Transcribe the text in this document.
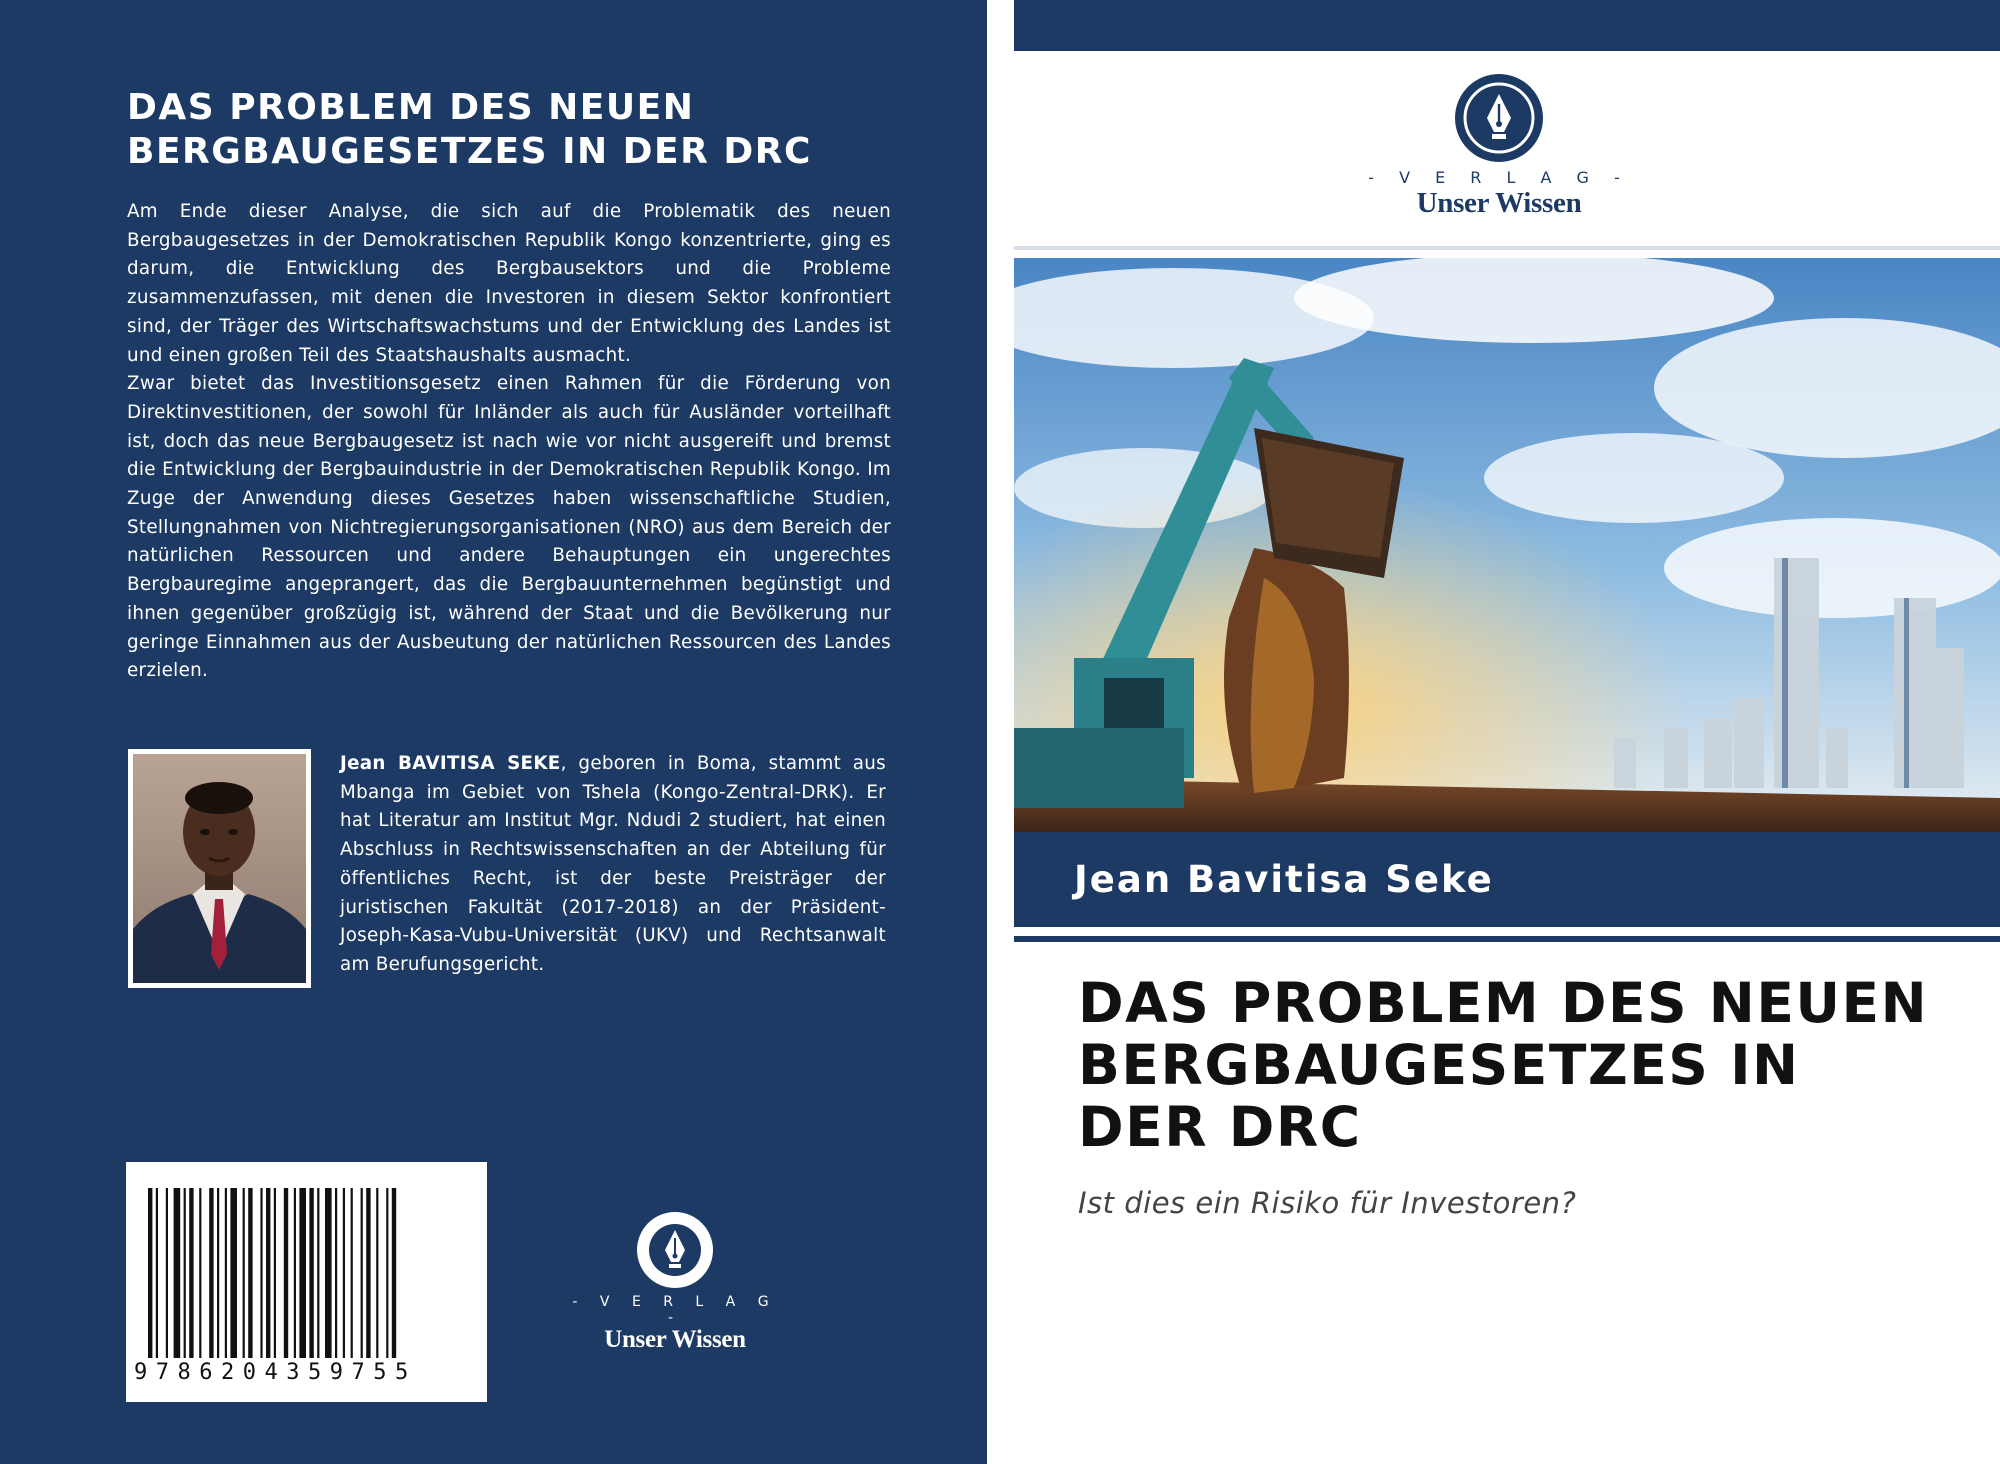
DAS PROBLEM DES NEUEN
BERGBAUGESETZES IN DER DRC

Am Ende dieser Analyse, die sich auf die Problematik des neuen Bergbaugesetzes in der Demokratischen Republik Kongo konzentrierte, ging es darum, die Entwicklung des Bergbausektors und die Probleme zusammenzufassen, mit denen die Investoren in diesem Sektor konfrontiert sind, der Träger des Wirtschaftswachstums und der Entwicklung des Landes ist und einen großen Teil des Staatshaushalts ausmacht.

Zwar bietet das Investitionsgesetz einen Rahmen für die Förderung von Direktinvestitionen, der sowohl für Inländer als auch für Ausländer vorteilhaft ist, doch das neue Bergbaugesetz ist nach wie vor nicht ausgereift und bremst die Entwicklung der Bergbauindustrie in der Demokratischen Republik Kongo. Im Zuge der Anwendung dieses Gesetzes haben wissenschaftliche Studien, Stellungnahmen von Nichtregierungsorganisationen (NRO) aus dem Bereich der natürlichen Ressourcen und andere Behauptungen ein ungerechtes Bergbauregime angeprangert, das die Bergbauunternehmen begünstigt und ihnen gegenüber großzügig ist, während der Staat und die Bevölkerung nur geringe Einnahmen aus der Ausbeutung der natürlichen Ressourcen des Landes erzielen.

Jean BAVITISA SEKE, geboren in Boma, stammt aus Mbanga im Gebiet von Tshela (Kongo-Zentral-DRK). Er hat Literatur am Institut Mgr. Ndudi 2 studiert, hat einen Abschluss in Rechtswissenschaften an der Abteilung für öffentliches Recht, ist der beste Preisträger der juristischen Fakultät (2017-2018) an der Präsident-Joseph-Kasa-Vubu-Universität (UKV) und Rechtsanwalt am Berufungsgericht.
9786204359755
- V E R L A G -
Unser Wissen
- V E R L A G -
Unser Wissen
Jean Bavitisa Seke
DAS PROBLEM DES NEUEN
BERGBAUGESETZES IN
DER DRC
Ist dies ein Risiko für Investoren?
